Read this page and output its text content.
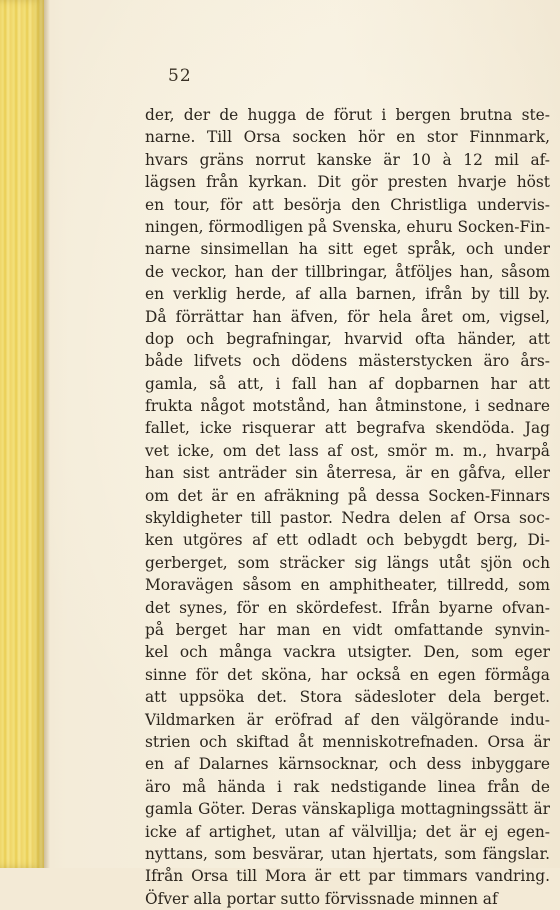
52
der, der de hugga de förut i bergen brutna ste-
narne. Till Orsa socken hör en stor Finnmark,
hvars gräns norrut kanske är 10 à 12 mil af-
lägsen från kyrkan. Dit gör presten hvarje höst
en tour, för att besörja den Christliga undervis-
ningen, förmodligen på Svenska, ehuru Socken-Fin-
narne sinsimellan ha sitt eget språk, och under
de veckor, han der tillbringar, åtföljes han, såsom
en verklig herde, af alla barnen, ifrån by till by.
Då förrättar han äfven, för hela året om, vigsel,
dop och begrafningar, hvarvid ofta händer, att
både lifvets och dödens mästerstycken äro års-
gamla, så att, i fall han af dopbarnen har att
frukta något motstånd, han åtminstone, i sednare
fallet, icke risquerar att begrafva skendöda. Jag
vet icke, om det lass af ost, smör m. m., hvarpå
han sist anträder sin återresa, är en gåfva, eller
om det är en afräkning på dessa Socken-Finnars
skyldigheter till pastor. Nedra delen af Orsa soc-
ken utgöres af ett odladt och bebygdt berg, Di-
gerberget, som sträcker sig längs utåt sjön och
Moravägen såsom en amphitheater, tillredd, som
det synes, för en skördefest. Ifrån byarne ofvan-
på berget har man en vidt omfattande synvin-
kel och många vackra utsigter. Den, som eger
sinne för det sköna, har också en egen förmåga
att uppsöka det. Stora sädesloter dela berget.
Vildmarken är eröfrad af den välgörande indu-
strien och skiftad åt menniskotrefnaden. Orsa är
en af Dalarnes kärnsocknar, och dess inbyggare
äro må hända i rak nedstigande linea från de
gamla Göter. Deras vänskapliga mottagningssätt är
icke af artighet, utan af välvillja; det är ej egen-
nyttans, som besvärar, utan hjertats, som fängslar.
Ifrån Orsa till Mora är ett par timmars vandring.
Öfver alla portar sutto förvissnade minnen af
